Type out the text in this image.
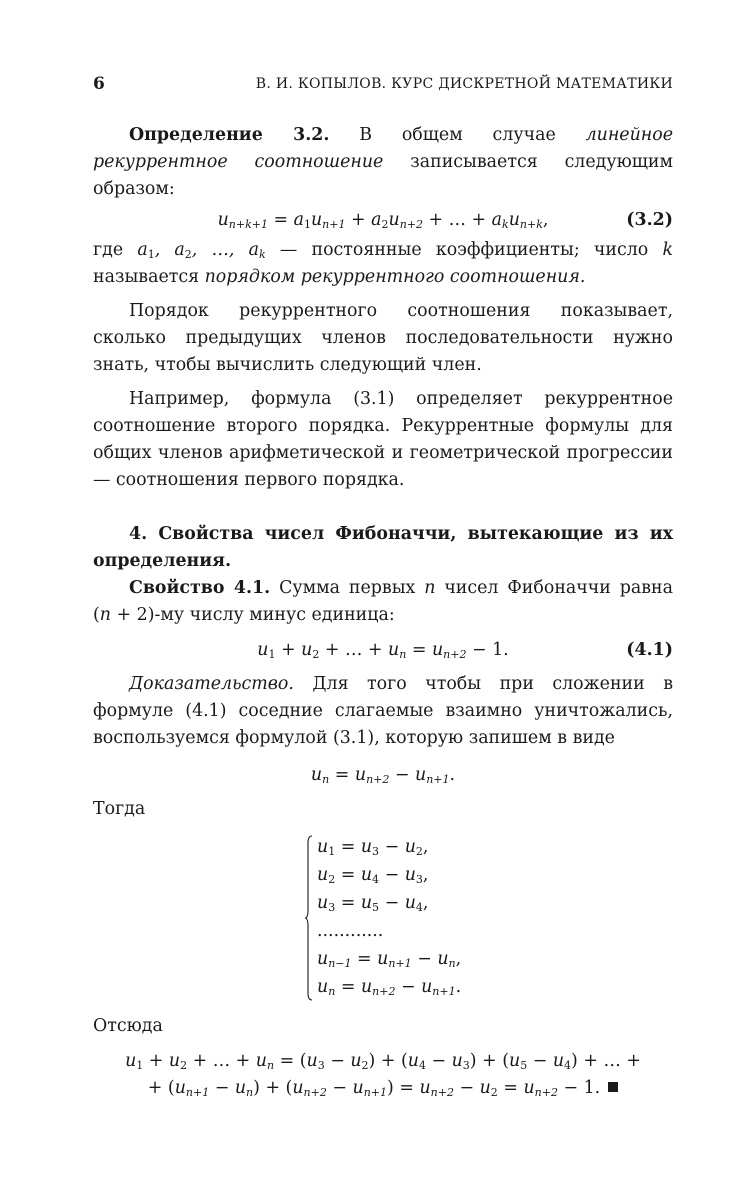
6	В. И. КОПЫЛОВ. КУРС ДИСКРЕТНОЙ МАТЕМАТИКИ

Определение 3.2. В общем случае линейное рекуррентное соотношение записывается следующим образом:

$u_{n+k+1} = a_1u_{n+1} + a_2u_{n+2}$ + … + $a_ku_{n+k}$,	(3.2)

где $a_1$, $a_2$, …, $a_k$ — постоянные коэффициенты; число k называется порядком рекуррентного соотношения.

Порядок рекуррентного соотношения показывает, сколько предыдущих членов последовательности нужно знать, чтобы вычислить следующий член.

Например, формула (3.1) определяет рекуррентное соотношение второго порядка. Рекуррентные формулы для общих членов арифметической и геометрической прогрессии — соотношения первого порядка.

4. Свойства чисел Фибоначчи, вытекающие из их определения.

Свойство 4.1. Сумма первых n чисел Фибоначчи равна (n + 2)-му числу минус единица:

$u_1 + u_2$ + … + $u_n = u_{n+2} - 1$.	(4.1)

Доказательство. Для того чтобы при сложении в формуле (4.1) соседние слагаемые взаимно уничтожались, воспользуемся формулой (3.1), которую запишем в виде

$u_n = u_{n+2} - u_{n+1}$.

Тогда

$u_1 = u_3 - u_2$,
$u_2 = u_4 - u_3$,
$u_3 = u_5 - u_4$,
............
$u_{n-1} = u_{n+1} - u_n$,
$u_n = u_{n+2} - u_{n+1}$.

Отсюда

$u_1 + u_2$ + … + $u_n = (u_3 - u_2) + (u_4 - u_3) + (u_5 - u_4)$ + … +
+ $(u_{n+1} - u_n) + (u_{n+2} - u_{n+1}) = u_{n+2} - u_2 = u_{n+2} - 1$.
